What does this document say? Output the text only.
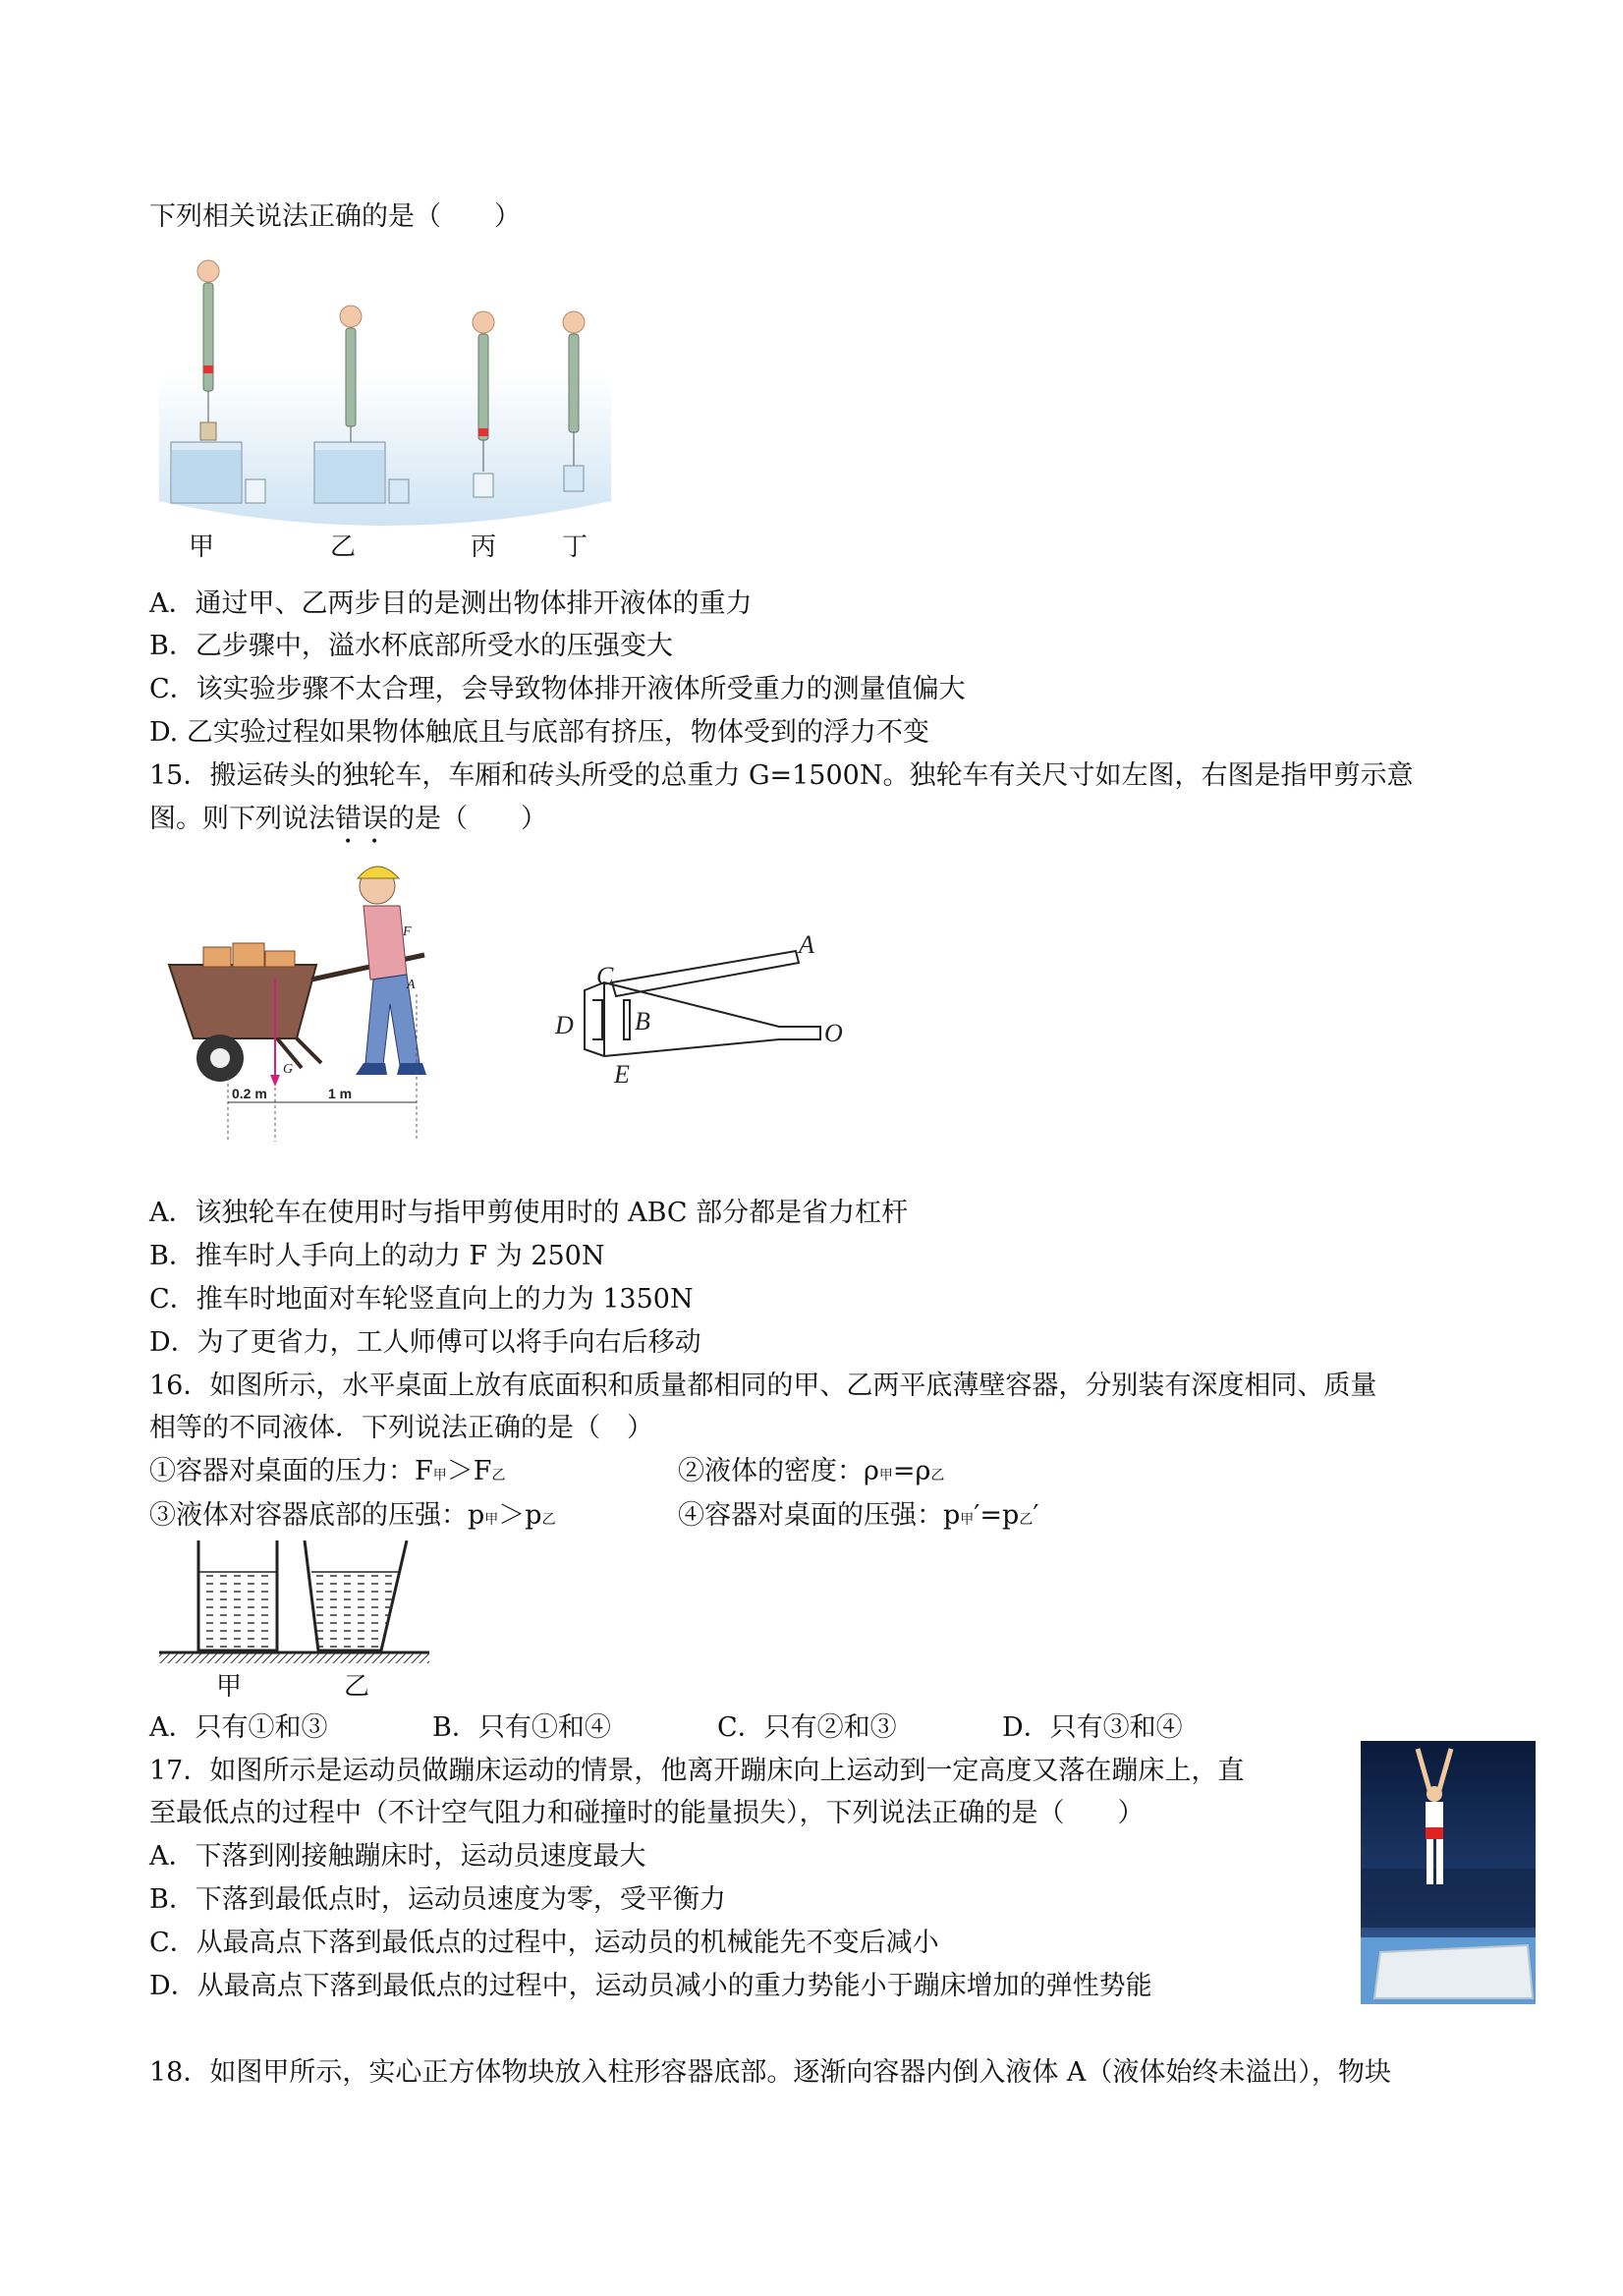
下列相关说法正确的是（　　）
甲	乙	丙	丁
A．通过甲、乙两步目的是测出物体排开液体的重力
B．乙步骤中，溢水杯底部所受水的压强变大
C．该实验步骤不太合理，会导致物体排开液体所受重力的测量值偏大
D. 乙实验过程如果物体触底且与底部有挤压，物体受到的浮力不变
15．搬运砖头的独轮车，车厢和砖头所受的总重力 G=1500N。独轮车有关尺寸如左图，右图是指甲剪示意
图。则下列说法错误的是（　　）
G
F
A
0.2 m	1 m
A
B
C
D
E
O
A．该独轮车在使用时与指甲剪使用时的 ABC 部分都是省力杠杆
B．推车时人手向上的动力 F 为 250N
C．推车时地面对车轮竖直向上的力为 1350N
D．为了更省力，工人师傅可以将手向右后移动
16．如图所示，水平桌面上放有底面积和质量都相同的甲、乙两平底薄壁容器，分别装有深度相同、质量
相等的不同液体．下列说法正确的是（　）
①容器对桌面的压力：F甲＞F乙	②液体的密度：ρ甲=ρ乙
③液体对容器底部的压强：p甲＞p乙	④容器对桌面的压强：p甲′=p乙′
甲	乙
A．只有①和③	B．只有①和④	C．只有②和③	D．只有③和④
17．如图所示是运动员做蹦床运动的情景，他离开蹦床向上运动到一定高度又落在蹦床上，直
至最低点的过程中（不计空气阻力和碰撞时的能量损失），下列说法正确的是（　　）
A．下落到刚接触蹦床时，运动员速度最大
B．下落到最低点时，运动员速度为零，受平衡力
C．从最高点下落到最低点的过程中，运动员的机械能先不变后减小
D．从最高点下落到最低点的过程中，运动员减小的重力势能小于蹦床增加的弹性势能
18．如图甲所示，实心正方体物块放入柱形容器底部。逐渐向容器内倒入液体 A（液体始终未溢出），物块
